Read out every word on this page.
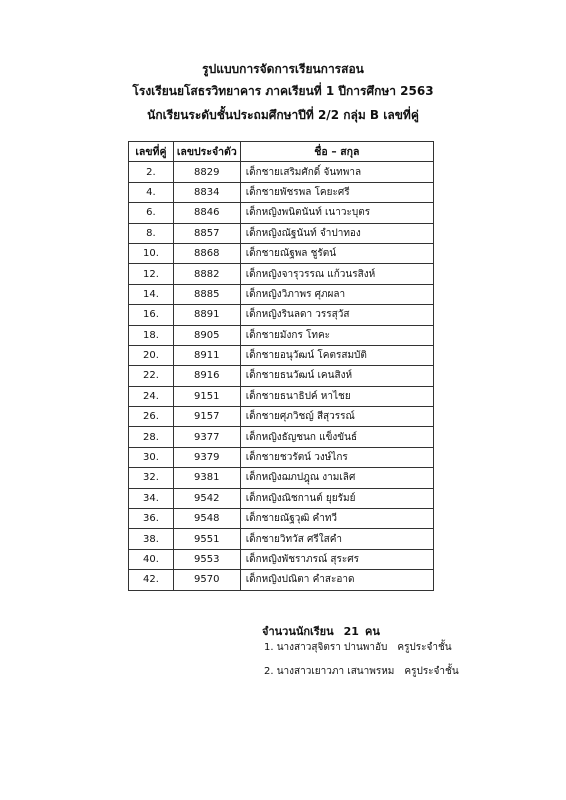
รูปแบบการจัดการเรียนการสอน
โรงเรียนยโสธรวิทยาคาร ภาคเรียนที่ 1 ปีการศึกษา 2563
นักเรียนระดับชั้นประถมศึกษาปีที่ 2/2 กลุ่ม B เลขที่คู่
เลขที่คู่	เลขประจำตัว	ชื่อ – สกุล
2.	8829	เด็กชายเสริมศักดิ์ จันทพาล
4.	8834	เด็กชายพัชรพล โคยะศรี
6.	8846	เด็กหญิงพนิตนันท์ เนาวะบุตร
8.	8857	เด็กหญิงณัฐนันท์ จำปาทอง
10.	8868	เด็กชายณัฐพล ชูรัตน์
12.	8882	เด็กหญิงจารุวรรณ แก้วนรสิงห์
14.	8885	เด็กหญิงวิภาพร ศุภผลา
16.	8891	เด็กหญิงรินลดา วรรสุวัส
18.	8905	เด็กชายมังกร โทคะ
20.	8911	เด็กชายอนุวัฒน์ โคตรสมบัติ
22.	8916	เด็กชายธนวัฒน์ เคนสิงห์
24.	9151	เด็กชายธนาธิปค์ หาไชย
26.	9157	เด็กชายศุภวิชญ์ สีสุวรรณ์
28.	9377	เด็กหญิงธัญชนก แข็งขันธ์
30.	9379	เด็กชายชวรัตน์ วงษ์ไกร
32.	9381	เด็กหญิงฌภปฎุณ งามเลิศ
34.	9542	เด็กหญิงณิชกานต์ ยุยรัมย์
36.	9548	เด็กชายณัฐวุฒิ คำทวี
38.	9551	เด็กชายวิทวัส ศรีใสคำ
40.	9553	เด็กหญิงพัชราภรณ์ สุระศร
42.	9570	เด็กหญิงปณิตา คำสะอาด
จำนวนนักเรียน 21 คน
1. นางสาวสุจิตรา ปานพาอับ ครูประจำชั้น
2. นางสาวเยาวภา เสนาพรหม ครูประจำชั้น
